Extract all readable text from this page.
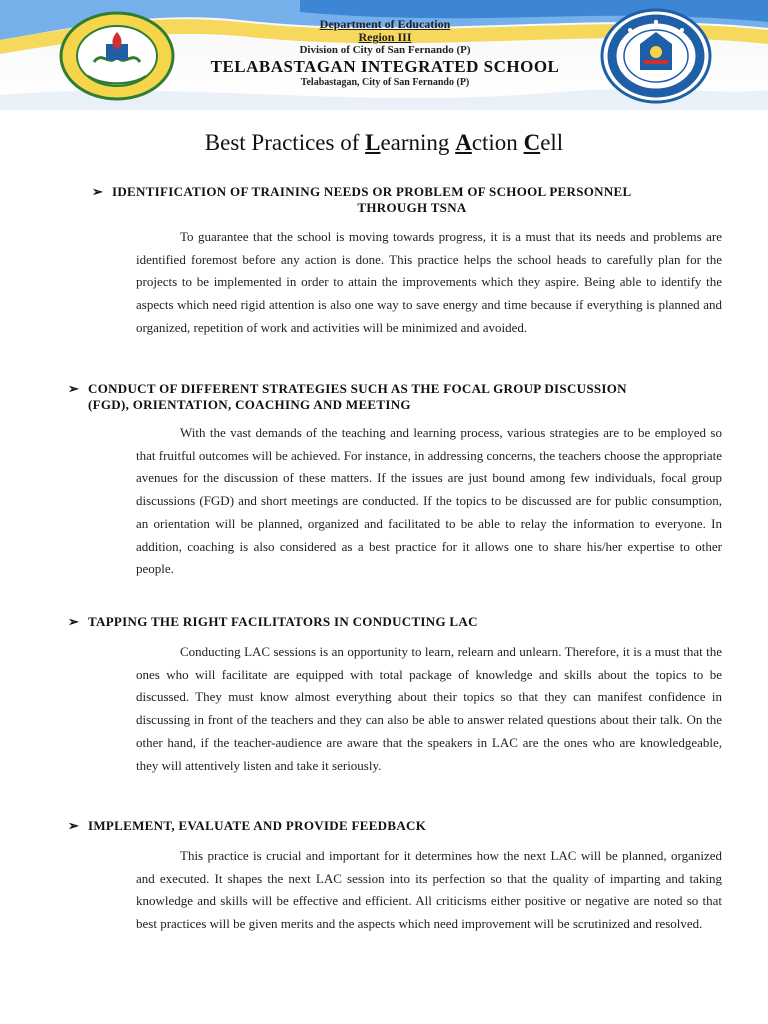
Department of Education
Region III
Division of City of San Fernando (P)
TELABASTAGAN INTEGRATED SCHOOL
Telabastagan, City of San Fernando (P)
Best Practices of Learning Action Cell
➢ IDENTIFICATION OF TRAINING NEEDS OR PROBLEM OF SCHOOL PERSONNEL
THROUGH TSNA
To guarantee that the school is moving towards progress, it is a must that its needs and problems are identified foremost before any action is done. This practice helps the school heads to carefully plan for the projects to be implemented in order to attain the improvements which they aspire. Being able to identify the aspects which need rigid attention is also one way to save energy and time because if everything is planned and organized, repetition of work and activities will be minimized and avoided.
➢ CONDUCT OF DIFFERENT STRATEGIES SUCH AS THE FOCAL GROUP DISCUSSION
(FGD), ORIENTATION, COACHING AND MEETING
With the vast demands of the teaching and learning process, various strategies are to be employed so that fruitful outcomes will be achieved. For instance, in addressing concerns, the teachers choose the appropriate avenues for the discussion of these matters. If the issues are just bound among few individuals, focal group discussions (FGD) and short meetings are conducted. If the topics to be discussed are for public consumption, an orientation will be planned, organized and facilitated to be able to relay the information to everyone. In addition, coaching is also considered as a best practice for it allows one to share his/her expertise to other people.
➢ TAPPING THE RIGHT FACILITATORS IN CONDUCTING LAC
Conducting LAC sessions is an opportunity to learn, relearn and unlearn. Therefore, it is a must that the ones who will facilitate are equipped with total package of knowledge and skills about the topics to be discussed. They must know almost everything about their topics so that they can manifest confidence in discussing in front of the teachers and they can also be able to answer related questions about their talk. On the other hand, if the teacher-audience are aware that the speakers in LAC are the ones who are knowledgeable, they will attentively listen and take it seriously.
➢ IMPLEMENT, EVALUATE AND PROVIDE FEEDBACK
This practice is crucial and important for it determines how the next LAC will be planned, organized and executed. It shapes the next LAC session into its perfection so that the quality of imparting and taking knowledge and skills will be effective and efficient. All criticisms either positive or negative are noted so that best practices will be given merits and the aspects which need improvement will be scrutinized and resolved.
